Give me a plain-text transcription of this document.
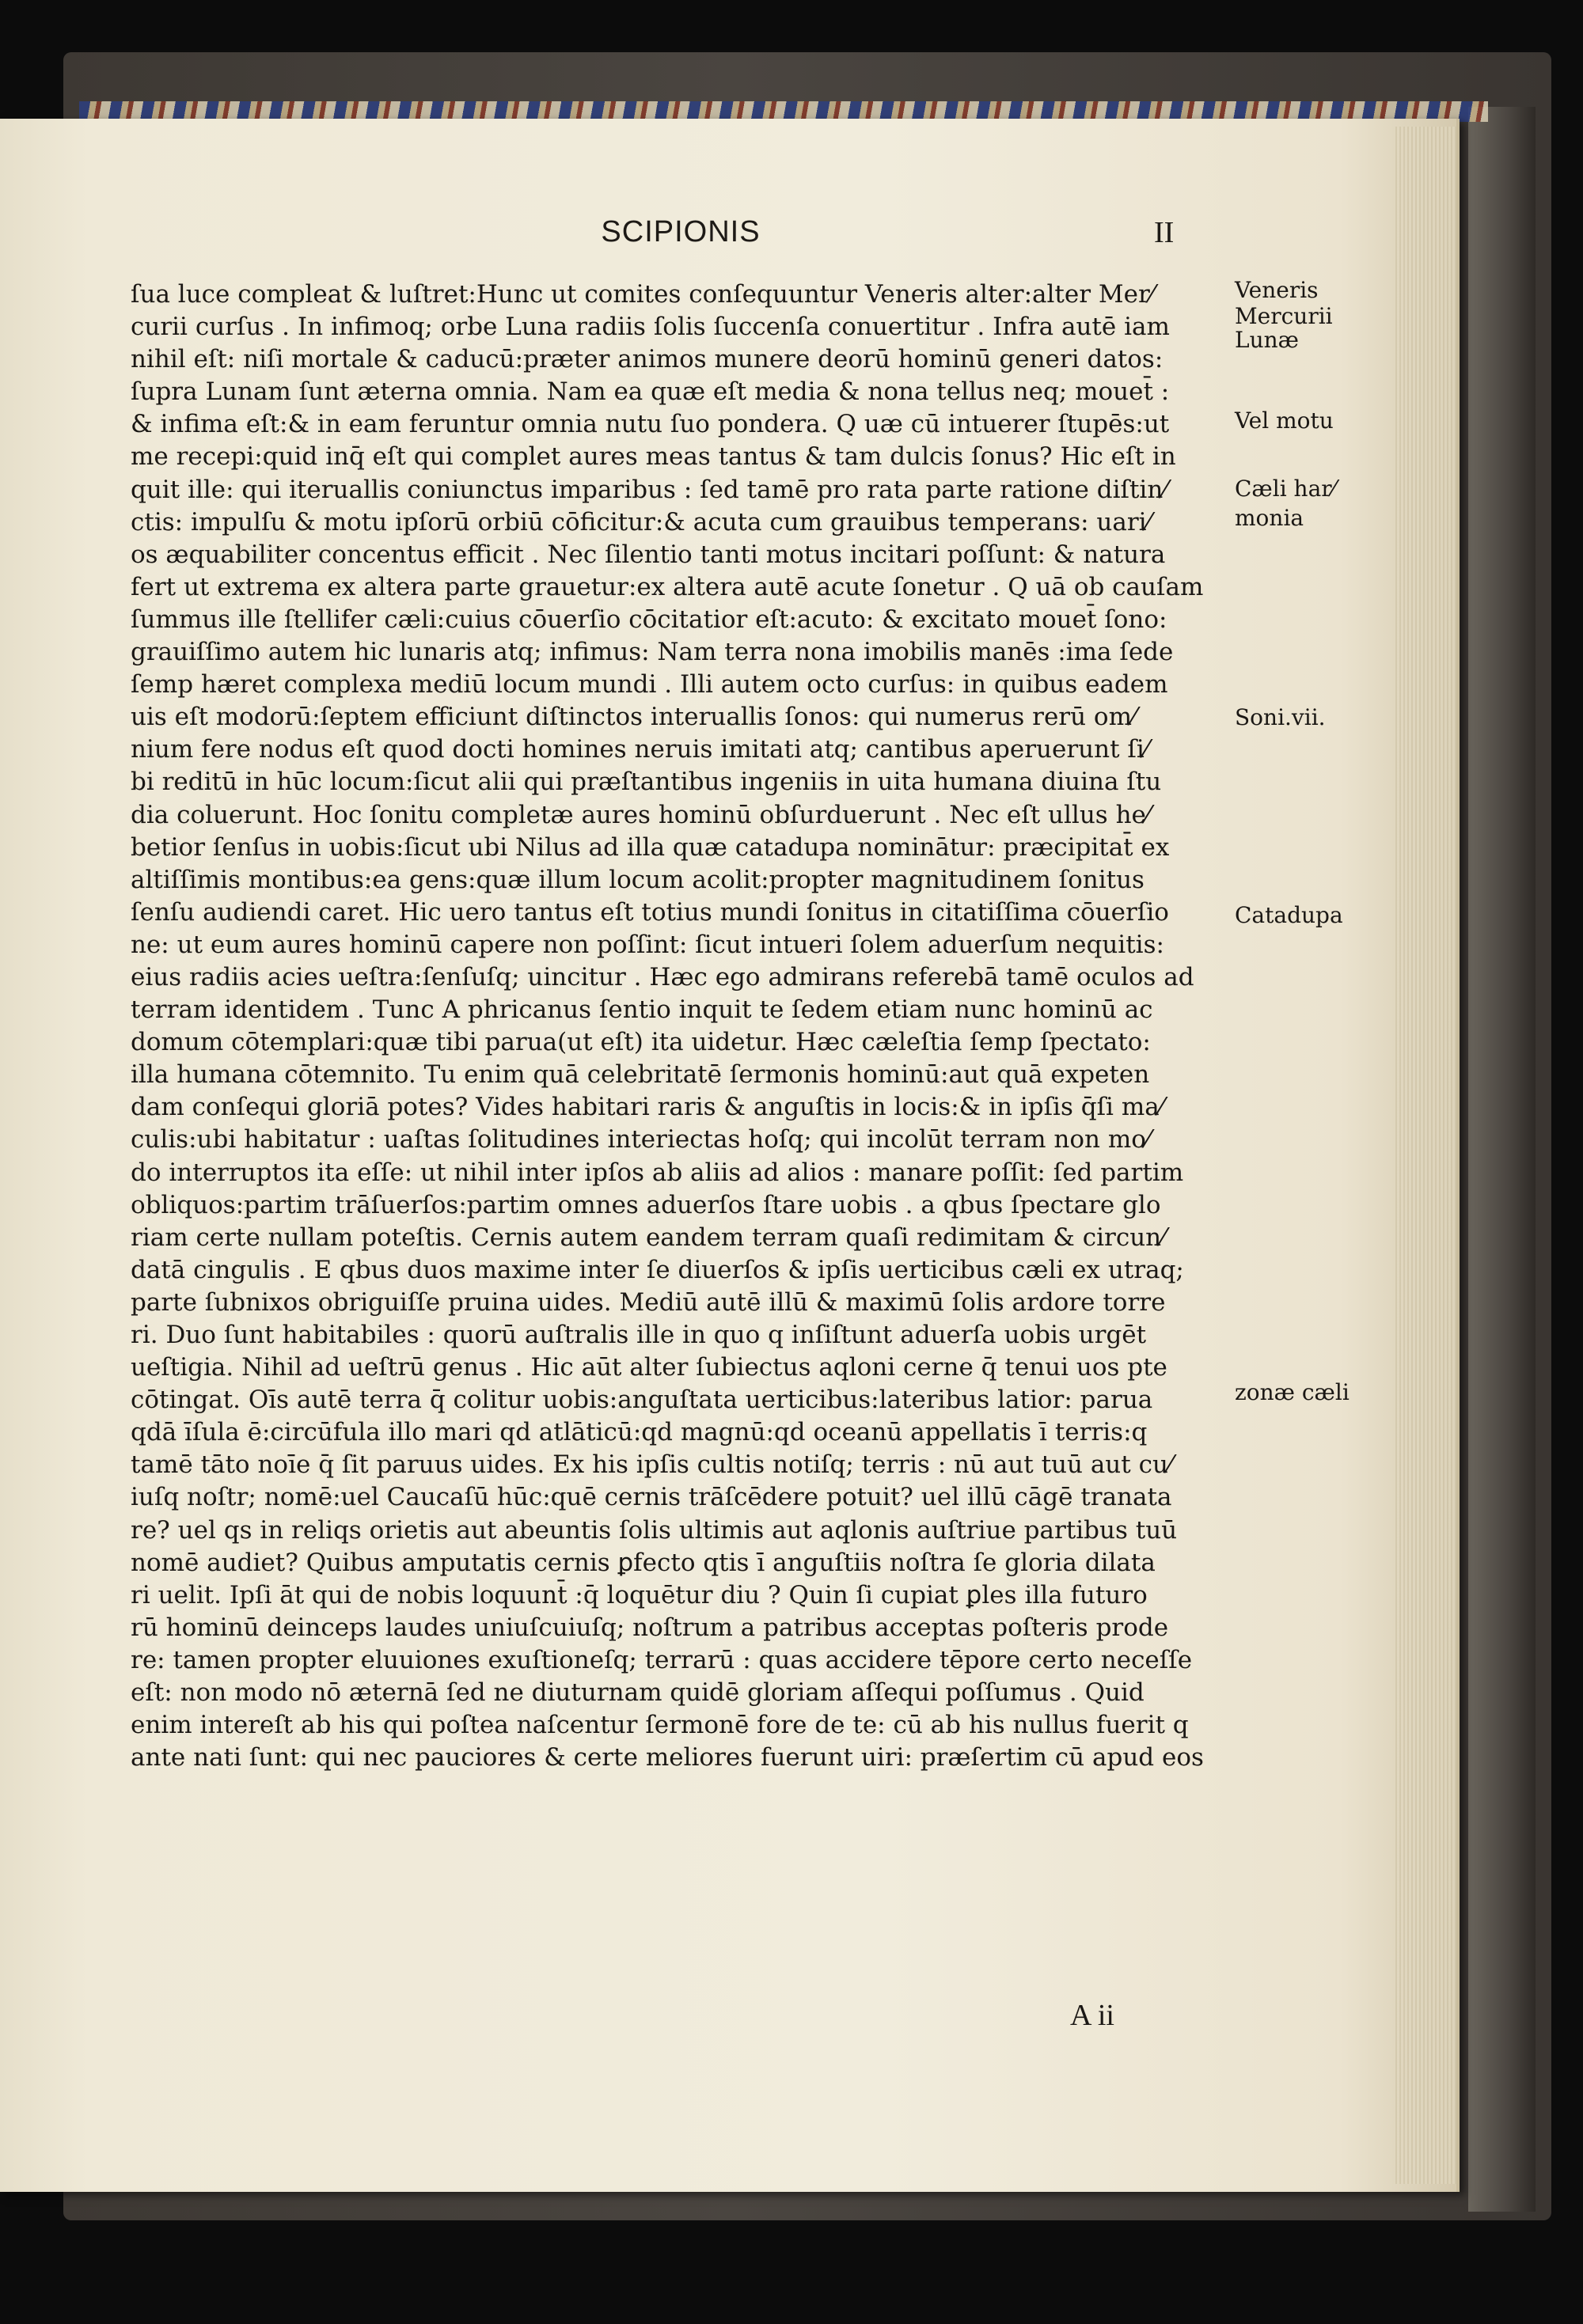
SCIPIONIS	II
ſua luce compleat & luſtret:Hunc ut comites conſequuntur Veneris alter:alter Mer⁄
curii curſus . In infimoq; orbe Luna radiis ſolis ſuccenſa conuertitur . Infra autē iam
nihil eſt: niſi mortale & caducū:præter animos munere deorū hominū generi datos:
ſupra Lunam ſunt æterna omnia. Nam ea quæ eſt media & nona tellus neq; mouet̄ :
& infima eſt:& in eam feruntur omnia nutu ſuo pondera. Q uæ cū intuerer ſtupēs:ut
me recepi:quid inq̄ eſt qui complet aures meas tantus & tam dulcis ſonus? Hic eſt in
quit ille: qui iteruallis coniunctus imparibus : ſed tamē pro rata parte ratione diſtin⁄
ctis: impulſu & motu ipſorū orbiū cōficitur:& acuta cum grauibus temperans: uari⁄
os æquabiliter concentus efficit . Nec ſilentio tanti motus incitari poſſunt: & natura
fert ut extrema ex altera parte grauetur:ex altera autē acute ſonetur . Q uā ob cauſam
ſummus ille ſtellifer cæli:cuius cōuerſio cōcitatior eſt:acuto: & excitato mouet̄ ſono:
grauiſſimo autem hic lunaris atq; infimus: Nam terra nona imobilis manēs :ima ſede
ſemp hæret complexa mediū locum mundi . Illi autem octo curſus: in quibus eadem
uis eſt modorū:ſeptem efficiunt diſtinctos interuallis ſonos: qui numerus rerū om⁄
nium fere nodus eſt quod docti homines neruis imitati atq; cantibus aperuerunt ſi⁄
bi reditū in hūc locum:ſicut alii qui præſtantibus ingeniis in uita humana diuina ſtu
dia coluerunt. Hoc ſonitu completæ aures hominū obſurduerunt . Nec eſt ullus he⁄
betior ſenſus in uobis:ſicut ubi Nilus ad illa quæ catadupa nominātur: præcipitat̄ ex
altiſſimis montibus:ea gens:quæ illum locum acolit:propter magnitudinem ſonitus
ſenſu audiendi caret. Hic uero tantus eſt totius mundi ſonitus in citatiſſima cōuerſio
ne: ut eum aures hominū capere non poſſint: ſicut intueri ſolem aduerſum nequitis:
eius radiis acies ueſtra:ſenſuſq; uincitur . Hæc ego admirans referebā tamē oculos ad
terram identidem . Tunc A phricanus ſentio inquit te ſedem etiam nunc hominū ac
domum cōtemplari:quæ tibi parua(ut eſt) ita uidetur. Hæc cæleſtia ſemp ſpectato:
illa humana cōtemnito. Tu enim quā celebritatē ſermonis hominū:aut quā expeten
dam conſequi gloriā potes? Vides habitari raris & anguſtis in locis:& in ipſis q̄ſi ma⁄
culis:ubi habitatur : uaſtas ſolitudines interiectas hoſq; qui incolūt terram non mo⁄
do interruptos ita eſſe: ut nihil inter ipſos ab aliis ad alios : manare poſſit: ſed partim
obliquos:partim trāſuerſos:partim omnes aduerſos ſtare uobis . a qbus ſpectare glo
riam certe nullam poteſtis. Cernis autem eandem terram quaſi redimitam & circun⁄
datā cingulis . E qbus duos maxime inter ſe diuerſos & ipſis uerticibus cæli ex utraq;
parte ſubnixos obriguiſſe pruina uides. Mediū autē illū & maximū ſolis ardore torre
ri. Duo ſunt habitabiles : quorū auſtralis ille in quo q inſiſtunt aduerſa uobis urgēt
ueſtigia. Nihil ad ueſtrū genus . Hic aūt alter ſubiectus aqloni cerne q̄ tenui uos pte
cōtingat. Oīs autē terra q̄ colitur uobis:anguſtata uerticibus:lateribus latior: parua
qdā īſula ē:circūfula illo mari qd atlāticū:qd magnū:qd oceanū appellatis ī terris:q
tamē tāto noīe q̄ ſit paruus uides. Ex his ipſis cultis notiſq; terris : nū aut tuū aut cu⁄
iuſq noſtr; nomē:uel Caucaſū hūc:quē cernis trāſcēdere potuit? uel illū cāgē tranata
re? uel qs in reliqs orietis aut abeuntis ſolis ultimis aut aqlonis auſtriue partibus tuū
nomē audiet? Quibus amputatis cernis ꝑfecto qtis ī anguſtiis noſtra ſe gloria dilata
ri uelit. Ipſi āt qui de nobis loquunt̄ :q̄ loquētur diu ? Quin ſi cupiat ꝑles illa futuro
rū hominū deinceps laudes uniuſcuiuſq; noſtrum a patribus acceptas poſteris prode
re: tamen propter eluuiones exuſtioneſq; terrarū : quas accidere tēpore certo neceſſe
eſt: non modo nō æternā ſed ne diuturnam quidē gloriam aſſequi poſſumus . Quid
enim intereſt ab his qui poſtea naſcentur ſermonē fore de te: cū ab his nullus fuerit q
ante nati ſunt: qui nec pauciores & certe meliores fuerunt uiri: præſertim cū apud eos
Veneris
Mercurii
Lunæ
Vel motu
Cæli har⁄
monia
Soni.vii.
Catadupa
zonæ cæli
A ii
